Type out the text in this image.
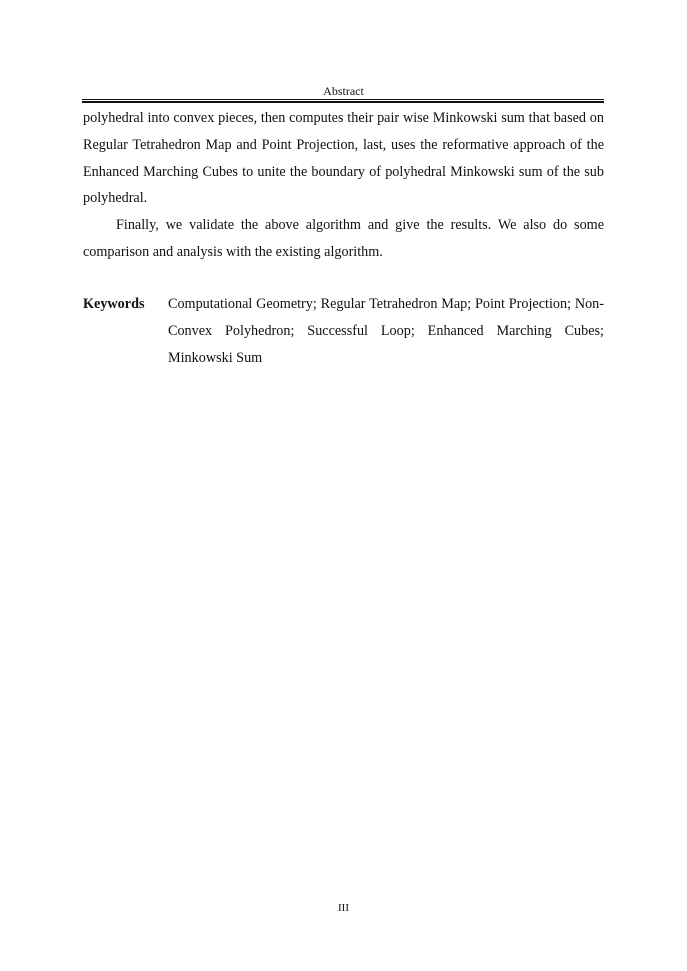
Abstract

polyhedral into convex pieces, then computes their pair wise Minkowski sum that based on Regular Tetrahedron Map and Point Projection, last, uses the reformative approach of the Enhanced Marching Cubes to unite the boundary of polyhedral Minkowski sum of the sub polyhedral.

Finally, we validate the above algorithm and give the results. We also do some comparison and analysis with the existing algorithm.

Keywords	Computational Geometry; Regular Tetrahedron Map; Point Projection; Non-Convex Polyhedron; Successful Loop; Enhanced Marching Cubes; Minkowski Sum
III
